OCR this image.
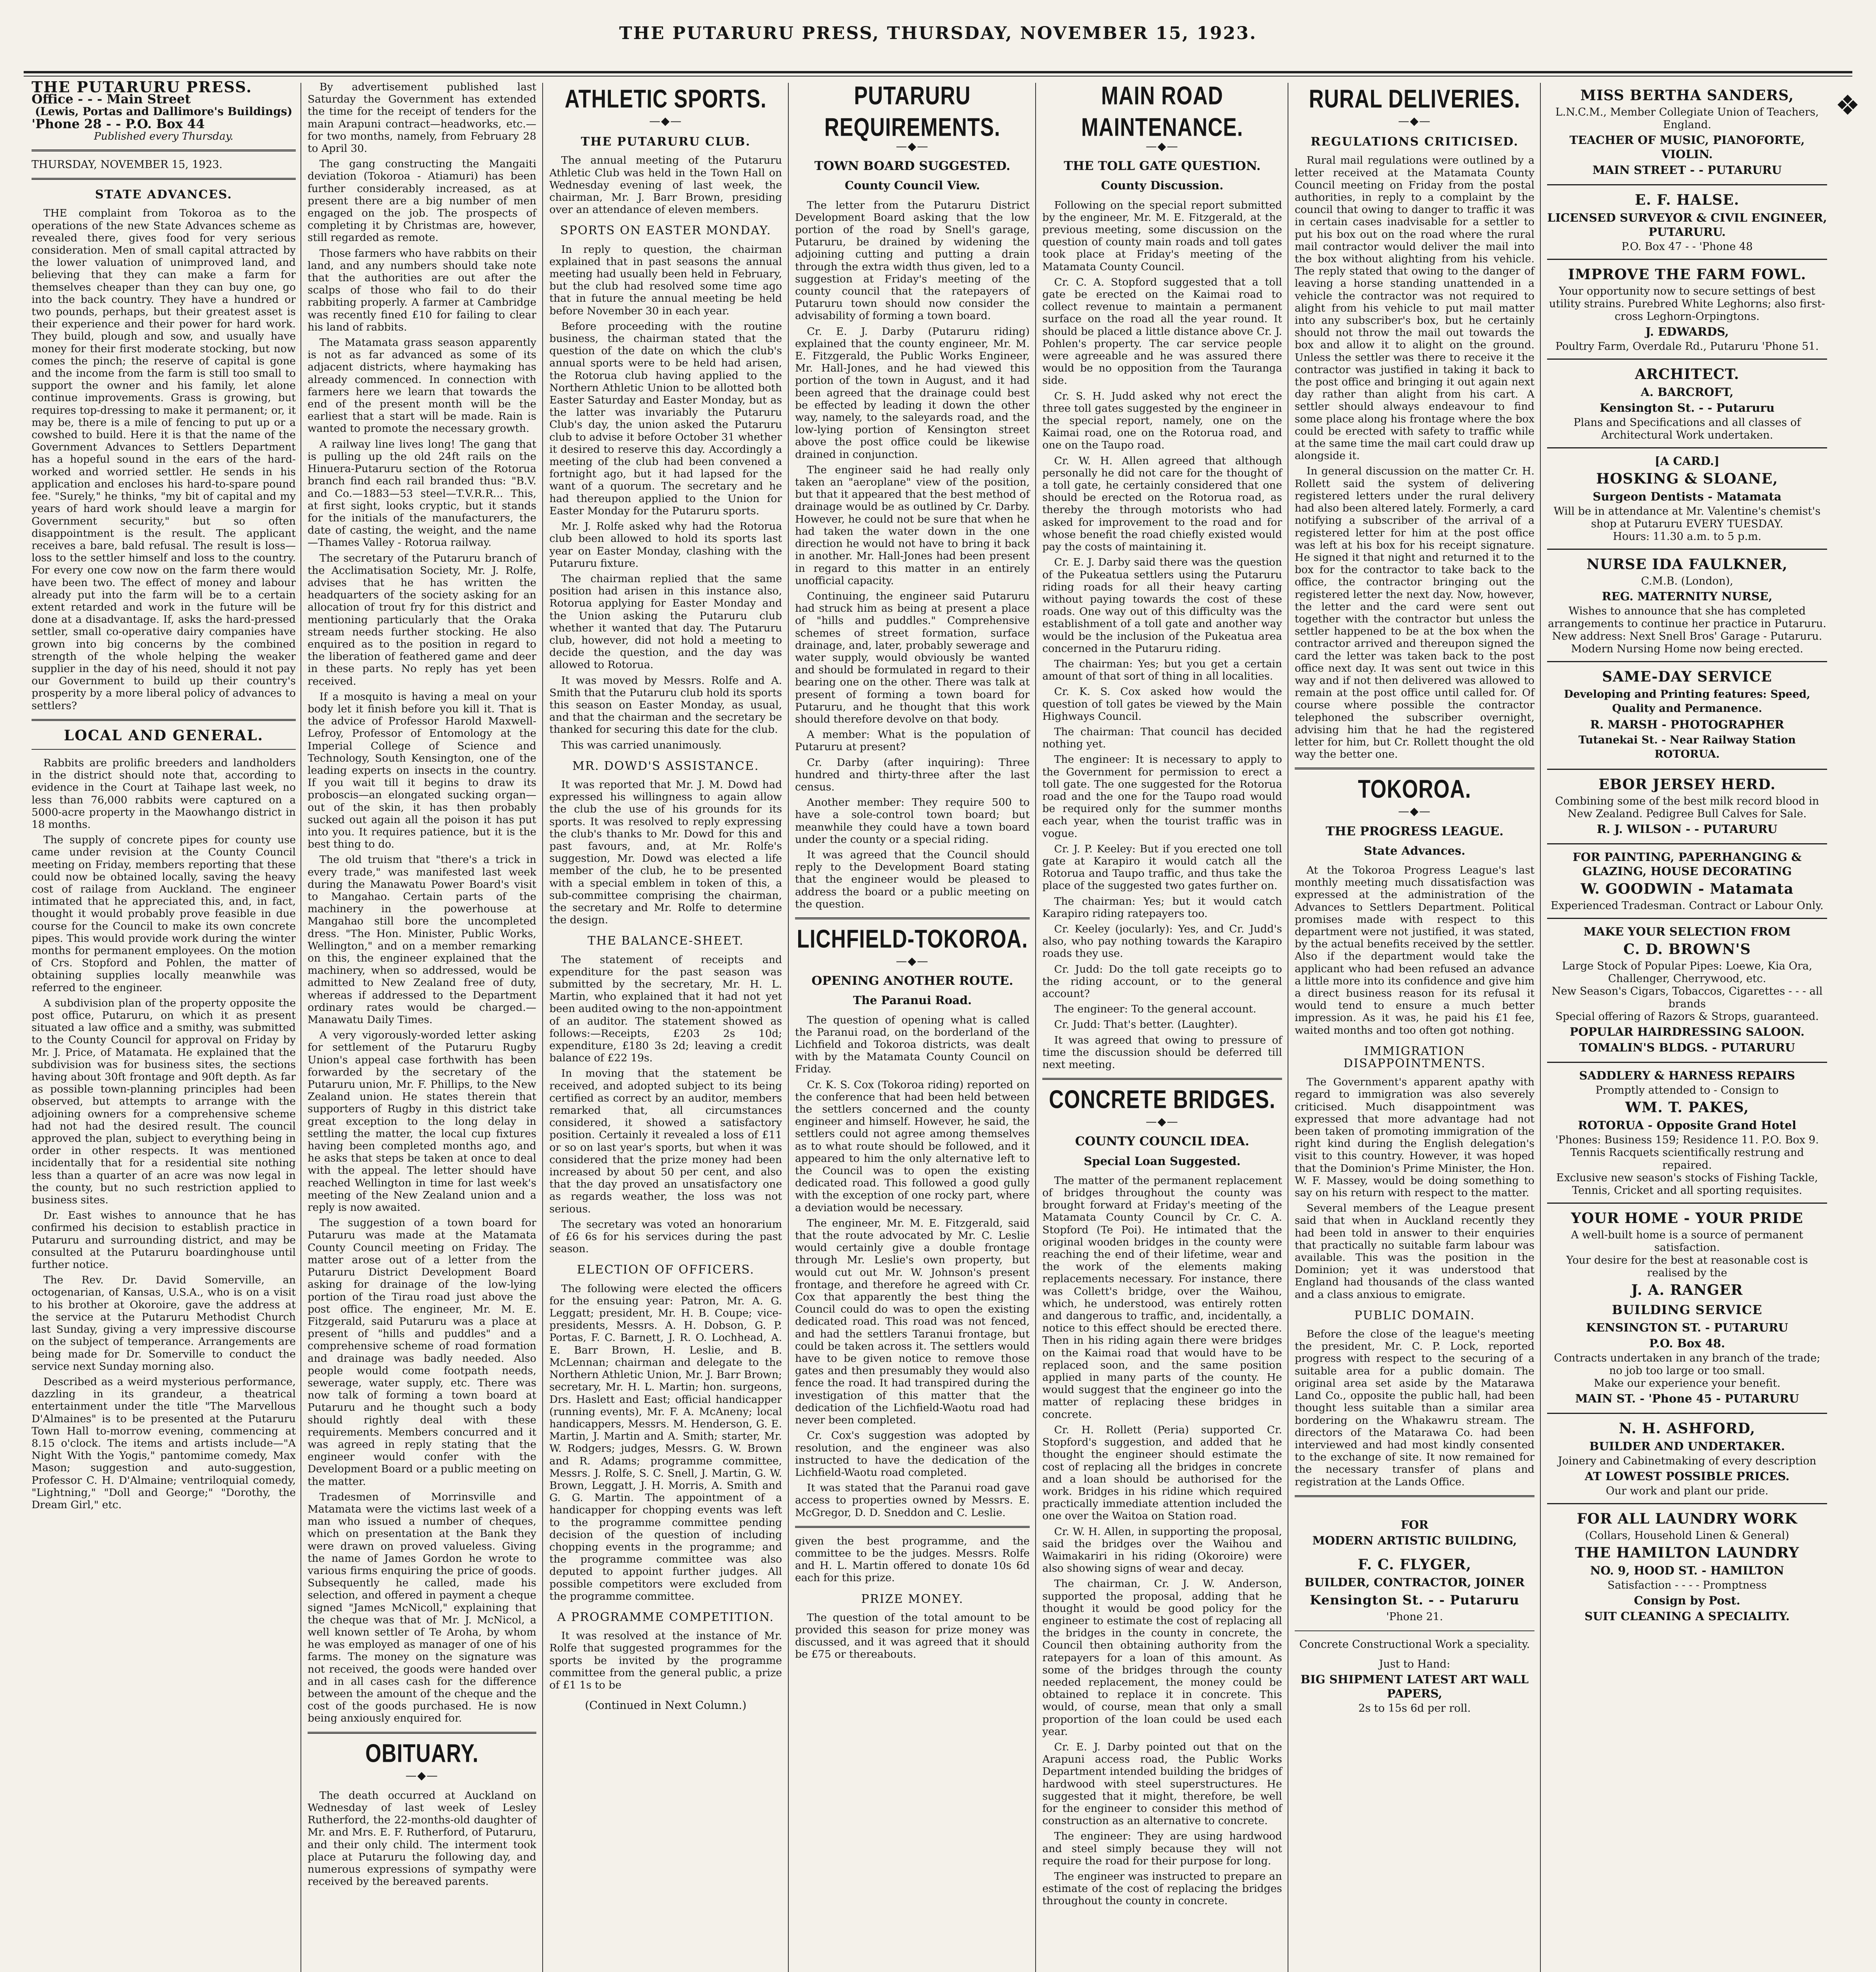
THE PUTARURU PRESS, THURSDAY, NOVEMBER 15, 1923.
❖
THE PUTARURU PRESS.
Office - - - Main Street
(Lewis, Portas and Dallimore's Buildings)
'Phone 28 - - P.O. Box 44
Published every Thursday.
THURSDAY, NOVEMBER 15, 1923.
STATE ADVANCES.

THE complaint from Tokoroa as to the operations of the new State Advances scheme as revealed there, gives food for very serious consideration. Men of small capital attracted by the lower valuation of unimproved land, and believing that they can make a farm for themselves cheaper than they can buy one, go into the back country. They have a hundred or two pounds, perhaps, but their greatest asset is their experience and their power for hard work. They build, plough and sow, and usually have money for their first moderate stocking, but now comes the pinch; the reserve of capital is gone and the income from the farm is still too small to support the owner and his family, let alone continue improvements. Grass is growing, but requires top-dressing to make it permanent; or, it may be, there is a mile of fencing to put up or a cowshed to build. Here it is that the name of the Government Advances to Settlers Department has a hopeful sound in the ears of the hard-worked and worried settler. He sends in his application and encloses his hard-to-spare pound fee. "Surely," he thinks, "my bit of capital and my years of hard work should leave a margin for Government security," but so often disappointment is the result. The applicant receives a bare, bald refusal. The result is loss—loss to the settler himself and loss to the country. For every one cow now on the farm there would have been two. The effect of money and labour already put into the farm will be to a certain extent retarded and work in the future will be done at a disadvantage. If, asks the hard-pressed settler, small co-operative dairy companies have grown into big concerns by the combined strength of the whole helping the weaker supplier in the day of his need, should it not pay our Government to build up their country's prosperity by a more liberal policy of advances to settlers?

LOCAL AND GENERAL.

Rabbits are prolific breeders and landholders in the district should note that, according to evidence in the Court at Taihape last week, no less than 76,000 rabbits were captured on a 5000-acre property in the Maowhango district in 18 months.

The supply of concrete pipes for county use came under revision at the County Council meeting on Friday, members reporting that these could now be obtained locally, saving the heavy cost of railage from Auckland. The engineer intimated that he appreciated this, and, in fact, thought it would probably prove feasible in due course for the Council to make its own concrete pipes. This would provide work during the winter months for permanent employees. On the motion of Crs. Stopford and Pohlen, the matter of obtaining supplies locally meanwhile was referred to the engineer.

A subdivision plan of the property opposite the post office, Putaruru, on which it as present situated a law office and a smithy, was submitted to the County Council for approval on Friday by Mr. J. Price, of Matamata. He explained that the subdivision was for business sites, the sections having about 30ft frontage and 90ft depth. As far as possible town-planning principles had been observed, but attempts to arrange with the adjoining owners for a comprehensive scheme had not had the desired result. The council approved the plan, subject to everything being in order in other respects. It was mentioned incidentally that for a residential site nothing less than a quarter of an acre was now legal in the county, but no such restriction applied to business sites.

Dr. East wishes to announce that he has confirmed his decision to establish practice in Putaruru and surrounding district, and may be consulted at the Putaruru boardinghouse until further notice.

The Rev. Dr. David Somerville, an octogenarian, of Kansas, U.S.A., who is on a visit to his brother at Okoroire, gave the address at the service at the Putaruru Methodist Church last Sunday, giving a very impressive discourse on the subject of temperance. Arrangements are being made for Dr. Somerville to conduct the service next Sunday morning also.

Described as a weird mysterious performance, dazzling in its grandeur, a theatrical entertainment under the title "The Marvellous D'Almaines" is to be presented at the Putaruru Town Hall to-morrow evening, commencing at 8.15 o'clock. The items and artists include—"A Night With the Yogis," pantomime comedy, Max Mason; suggestion and auto-suggestion, Professor C. H. D'Almaine; ventriloquial comedy, "Lightning," "Doll and George;" "Dorothy, the Dream Girl," etc.

By advertisement published last Saturday the Government has extended the time for the receipt of tenders for the main Arapuni contract—headworks, etc.—for two months, namely, from February 28 to April 30.

The gang constructing the Mangaiti deviation (Tokoroa - Atiamuri) has been further considerably increased, as at present there are a big number of men engaged on the job. The prospects of completing it by Christmas are, however, still regarded as remote.

Those farmers who have rabbits on their land, and any numbers should take note that the authorities are out after the scalps of those who fail to do their rabbiting properly. A farmer at Cambridge was recently fined £10 for failing to clear his land of rabbits.

The Matamata grass season apparently is not as far advanced as some of its adjacent districts, where haymaking has already commenced. In connection with farmers here we learn that towards the end of the present month will be the earliest that a start will be made. Rain is wanted to promote the necessary growth.

A railway line lives long! The gang that is pulling up the old 24ft rails on the Hinuera-Putaruru section of the Rotorua branch find each rail branded thus: "B.V. and Co.—1883—53 steel—T.V.R.R... This, at first sight, looks cryptic, but it stands for the initials of the manufacturers, the date of casting, the weight, and the name—Thames Valley - Rotorua railway.

The secretary of the Putaruru branch of the Acclimatisation Society, Mr. J. Rolfe, advises that he has written the headquarters of the society asking for an allocation of trout fry for this district and mentioning particularly that the Oraka stream needs further stocking. He also enquired as to the position in regard to the liberation of feathered game and deer in these parts. No reply has yet been received.

If a mosquito is having a meal on your body let it finish before you kill it. That is the advice of Professor Harold Maxwell-Lefroy, Professor of Entomology at the Imperial College of Science and Technology, South Kensington, one of the leading experts on insects in the country. If you wait till it begins to draw its proboscis—an elongated sucking organ—out of the skin, it has then probably sucked out again all the poison it has put into you. It requires patience, but it is the best thing to do.

The old truism that "there's a trick in every trade," was manifested last week during the Manawatu Power Board's visit to Mangahao. Certain parts of the machinery in the powerhouse at Mangahao still bore the uncompleted dress. "The Hon. Minister, Public Works, Wellington," and on a member remarking on this, the engineer explained that the machinery, when so addressed, would be admitted to New Zealand free of duty, whereas if addressed to the Department ordinary rates would be charged.—Manawatu Daily Times.

A very vigorously-worded letter asking for settlement of the Putaruru Rugby Union's appeal case forthwith has been forwarded by the secretary of the Putaruru union, Mr. F. Phillips, to the New Zealand union. He states therein that supporters of Rugby in this district take great exception to the long delay in settling the matter, the local cup fixtures having been completed months ago, and he asks that steps be taken at once to deal with the appeal. The letter should have reached Wellington in time for last week's meeting of the New Zealand union and a reply is now awaited.

The suggestion of a town board for Putaruru was made at the Matamata County Council meeting on Friday. The matter arose out of a letter from the Putaruru District Development Board asking for drainage of the low-lying portion of the Tirau road just above the post office. The engineer, Mr. M. E. Fitzgerald, said Putaruru was a place at present of "hills and puddles" and a comprehensive scheme of road formation and drainage was badly needed. Also people would come footpath needs, sewerage, water supply, etc. There was now talk of forming a town board at Putaruru and he thought such a body should rightly deal with these requirements. Members concurred and it was agreed in reply stating that the engineer would confer with the Development Board or a public meeting on the matter.

Tradesmen of Morrinsville and Matamata were the victims last week of a man who issued a number of cheques, which on presentation at the Bank they were drawn on proved valueless. Giving the name of James Gordon he wrote to various firms enquiring the price of goods. Subsequently he called, made his selection, and offered in payment a cheque signed "James McNicoll," explaining that the cheque was that of Mr. J. McNicol, a well known settler of Te Aroha, by whom he was employed as manager of one of his farms. The money on the signature was not received, the goods were handed over and in all cases cash for the difference between the amount of the cheque and the cost of the goods purchased. He is now being anxiously enquired for.

OBITUARY.
—◆—

The death occurred at Auckland on Wednesday of last week of Lesley Rutherford, the 22-months-old daughter of Mr. and Mrs. E. F. Rutherford, of Putaruru, and their only child. The interment took place at Putaruru the following day, and numerous expressions of sympathy were received by the bereaved parents.

ATHLETIC SPORTS.
—◆—
THE PUTARURU CLUB.

The annual meeting of the Putaruru Athletic Club was held in the Town Hall on Wednesday evening of last week, the chairman, Mr. J. Barr Brown, presiding over an attendance of eleven members.

SPORTS ON EASTER MONDAY.

In reply to question, the chairman explained that in past seasons the annual meeting had usually been held in February, but the club had resolved some time ago that in future the annual meeting be held before November 30 in each year.

Before proceeding with the routine business, the chairman stated that the question of the date on which the club's annual sports were to be held had arisen, the Rotorua club having applied to the Northern Athletic Union to be allotted both Easter Saturday and Easter Monday, but as the latter was invariably the Putaruru Club's day, the union asked the Putaruru club to advise it before October 31 whether it desired to reserve this day. Accordingly a meeting of the club had been convened a fortnight ago, but it had lapsed for the want of a quorum. The secretary and he had thereupon applied to the Union for Easter Monday for the Putaruru sports.

Mr. J. Rolfe asked why had the Rotorua club been allowed to hold its sports last year on Easter Monday, clashing with the Putaruru fixture.

The chairman replied that the same position had arisen in this instance also, Rotorua applying for Easter Monday and the Union asking the Putaruru club whether it wanted that day. The Putaruru club, however, did not hold a meeting to decide the question, and the day was allowed to Rotorua.

It was moved by Messrs. Rolfe and A. Smith that the Putaruru club hold its sports this season on Easter Monday, as usual, and that the chairman and the secretary be thanked for securing this date for the club.

This was carried unanimously.

MR. DOWD'S ASSISTANCE.

It was reported that Mr. J. M. Dowd had expressed his willingness to again allow the club the use of his grounds for its sports. It was resolved to reply expressing the club's thanks to Mr. Dowd for this and past favours, and, at Mr. Rolfe's suggestion, Mr. Dowd was elected a life member of the club, he to be presented with a special emblem in token of this, a sub-committee comprising the chairman, the secretary and Mr. Rolfe to determine the design.

THE BALANCE-SHEET.

The statement of receipts and expenditure for the past season was submitted by the secretary, Mr. H. L. Martin, who explained that it had not yet been audited owing to the non-appointment of an auditor. The statement showed as follows:—Receipts, £203 2s 10d; expenditure, £180 3s 2d; leaving a credit balance of £22 19s.

In moving that the statement be received, and adopted subject to its being certified as correct by an auditor, members remarked that, all circumstances considered, it showed a satisfactory position. Certainly it revealed a loss of £11 or so on last year's sports, but when it was considered that the prize money had been increased by about 50 per cent, and also that the day proved an unsatisfactory one as regards weather, the loss was not serious.

The secretary was voted an honorarium of £6 6s for his services during the past season.

ELECTION OF OFFICERS.

The following were elected the officers for the ensuing year: Patron, Mr. A. G. Leggatt; president, Mr. H. B. Coupe; vice-presidents, Messrs. A. H. Dobson, G. P. Portas, F. C. Barnett, J. R. O. Lochhead, A. E. Barr Brown, H. Leslie, and B. McLennan; chairman and delegate to the Northern Athletic Union, Mr. J. Barr Brown; secretary, Mr. H. L. Martin; hon. surgeons, Drs. Haslett and East; official handicapper (running events), Mr. F. A. McAneny; local handicappers, Messrs. M. Henderson, G. E. Martin, J. Martin and A. Smith; starter, Mr. W. Rodgers; judges, Messrs. G. W. Brown and R. Adams; programme committee, Messrs. J. Rolfe, S. C. Snell, J. Martin, G. W. Brown, Leggatt, J. H. Morris, A. Smith and G. G. Martin. The appointment of a handicapper for chopping events was left to the programme committee pending decision of the question of including chopping events in the programme; and the programme committee was also deputed to appoint further judges. All possible competitors were excluded from the programme committee.

A PROGRAMME COMPETITION.

It was resolved at the instance of Mr. Rolfe that suggested programmes for the sports be invited by the programme committee from the general public, a prize of £1 1s to be

(Continued in Next Column.)
PUTARURU REQUIREMENTS.
—◆—
TOWN BOARD SUGGESTED.
County Council View.

The letter from the Putaruru District Development Board asking that the low portion of the road by Snell's garage, Putaruru, be drained by widening the adjoining cutting and putting a drain through the extra width thus given, led to a suggestion at Friday's meeting of the county council that the ratepayers of Putaruru town should now consider the advisability of forming a town board.

Cr. E. J. Darby (Putaruru riding) explained that the county engineer, Mr. M. E. Fitzgerald, the Public Works Engineer, Mr. Hall-Jones, and he had viewed this portion of the town in August, and it had been agreed that the drainage could best be effected by leading it down the other way, namely, to the saleyards road, and the low-lying portion of Kensington street above the post office could be likewise drained in conjunction.

The engineer said he had really only taken an "aeroplane" view of the position, but that it appeared that the best method of drainage would be as outlined by Cr. Darby. However, he could not be sure that when he had taken the water down in the one direction he would not have to bring it back in another. Mr. Hall-Jones had been present in regard to this matter in an entirely unofficial capacity.

Continuing, the engineer said Putaruru had struck him as being at present a place of "hills and puddles." Comprehensive schemes of street formation, surface drainage, and, later, probably sewerage and water supply, would obviously be wanted and should be formulated in regard to their bearing one on the other. There was talk at present of forming a town board for Putaruru, and he thought that this work should therefore devolve on that body.

A member: What is the population of Putaruru at present?

Cr. Darby (after inquiring): Three hundred and thirty-three after the last census.

Another member: They require 500 to have a sole-control town board; but meanwhile they could have a town board under the county or a special riding.

It was agreed that the Council should reply to the Development Board stating that the engineer would be pleased to address the board or a public meeting on the question.

LICHFIELD-TOKOROA.
—◆—
OPENING ANOTHER ROUTE.
The Paranui Road.

The question of opening what is called the Paranui road, on the borderland of the Lichfield and Tokoroa districts, was dealt with by the Matamata County Council on Friday.

Cr. K. S. Cox (Tokoroa riding) reported on the conference that had been held between the settlers concerned and the county engineer and himself. However, he said, the settlers could not agree among themselves as to what route should be followed, and it appeared to him the only alternative left to the Council was to open the existing dedicated road. This followed a good gully with the exception of one rocky part, where a deviation would be necessary.

The engineer, Mr. M. E. Fitzgerald, said that the route advocated by Mr. C. Leslie would certainly give a double frontage through Mr. Leslie's own property, but would cut out Mr. W. Johnson's present frontage, and therefore he agreed with Cr. Cox that apparently the best thing the Council could do was to open the existing dedicated road. This road was not fenced, and had the settlers Taranui frontage, but could be taken across it. The settlers would have to be given notice to remove those gates and then presumably they would also fence the road. It had transpired during the investigation of this matter that the dedication of the Lichfield-Waotu road had never been completed.

Cr. Cox's suggestion was adopted by resolution, and the engineer was also instructed to have the dedication of the Lichfield-Waotu road completed.

It was stated that the Paranui road gave access to properties owned by Messrs. E. McGregor, D. D. Sneddon and C. Leslie.

given the best programme, and the committee to be the judges. Messrs. Rolfe and H. L. Martin offered to donate 10s 6d each for this prize.

PRIZE MONEY.

The question of the total amount to be provided this season for prize money was discussed, and it was agreed that it should be £75 or thereabouts.

MAIN ROAD MAINTENANCE.
—◆—
THE TOLL GATE QUESTION.
County Discussion.

Following on the special report submitted by the engineer, Mr. M. E. Fitzgerald, at the previous meeting, some discussion on the question of county main roads and toll gates took place at Friday's meeting of the Matamata County Council.

Cr. C. A. Stopford suggested that a toll gate be erected on the Kaimai road to collect revenue to maintain a permanent surface on the road all the year round. It should be placed a little distance above Cr. J. Pohlen's property. The car service people were agreeable and he was assured there would be no opposition from the Tauranga side.

Cr. S. H. Judd asked why not erect the three toll gates suggested by the engineer in the special report, namely, one on the Kaimai road, one on the Rotorua road, and one on the Taupo road.

Cr. W. H. Allen agreed that although personally he did not care for the thought of a toll gate, he certainly considered that one should be erected on the Rotorua road, as thereby the through motorists who had asked for improvement to the road and for whose benefit the road chiefly existed would pay the costs of maintaining it.

Cr. E. J. Darby said there was the question of the Pukeatua settlers using the Putaruru riding roads for all their heavy carting without paying towards the cost of these roads. One way out of this difficulty was the establishment of a toll gate and another way would be the inclusion of the Pukeatua area concerned in the Putaruru riding.

The chairman: Yes; but you get a certain amount of that sort of thing in all localities.

Cr. K. S. Cox asked how would the question of toll gates be viewed by the Main Highways Council.

The chairman: That council has decided nothing yet.

The engineer: It is necessary to apply to the Government for permission to erect a toll gate. The one suggested for the Rotorua road and the one for the Taupo road would be required only for the summer months each year, when the tourist traffic was in vogue.

Cr. J. P. Keeley: But if you erected one toll gate at Karapiro it would catch all the Rotorua and Taupo traffic, and thus take the place of the suggested two gates further on.

The chairman: Yes; but it would catch Karapiro riding ratepayers too.

Cr. Keeley (jocularly): Yes, and Cr. Judd's also, who pay nothing towards the Karapiro roads they use.

Cr. Judd: Do the toll gate receipts go to the riding account, or to the general account?

The engineer: To the general account.

Cr. Judd: That's better. (Laughter).

It was agreed that owing to pressure of time the discussion should be deferred till next meeting.

CONCRETE BRIDGES.
—◆—
COUNTY COUNCIL IDEA.
Special Loan Suggested.

The matter of the permanent replacement of bridges throughout the county was brought forward at Friday's meeting of the Matamata County Council by Cr. C. A. Stopford (Te Poi). He intimated that the original wooden bridges in the county were reaching the end of their lifetime, wear and the work of the elements making replacements necessary. For instance, there was Collett's bridge, over the Waihou, which, he understood, was entirely rotten and dangerous to traffic, and, incidentally, a notice to this effect should be erected there. Then in his riding again there were bridges on the Kaimai road that would have to be replaced soon, and the same position applied in many parts of the county. He would suggest that the engineer go into the matter of replacing these bridges in concrete.

Cr. H. Rollett (Peria) supported Cr. Stopford's suggestion, and added that he thought the engineer should estimate the cost of replacing all the bridges in concrete and a loan should be authorised for the work. Bridges in his ridine which required practically immediate attention included the one over the Waitoa on Station road.

Cr. W. H. Allen, in supporting the proposal, said the bridges over the Waihou and Waimakariri in his riding (Okoroire) were also showing signs of wear and decay.

The chairman, Cr. J. W. Anderson, supported the proposal, adding that he thought it would be good policy for the engineer to estimate the cost of replacing all the bridges in the county in concrete, the Council then obtaining authority from the ratepayers for a loan of this amount. As some of the bridges through the county needed replacement, the money could be obtained to replace it in concrete. This would, of course, mean that only a small proportion of the loan could be used each year.

Cr. E. J. Darby pointed out that on the Arapuni access road, the Public Works Department intended building the bridges of hardwood with steel superstructures. He suggested that it might, therefore, be well for the engineer to consider this method of construction as an alternative to concrete.

The engineer: They are using hardwood and steel simply because they will not require the road for their purpose for long.

The engineer was instructed to prepare an estimate of the cost of replacing the bridges throughout the county in concrete.

RURAL DELIVERIES.
—◆—
REGULATIONS CRITICISED.

Rural mail regulations were outlined by a letter received at the Matamata County Council meeting on Friday from the postal authorities, in reply to a complaint by the council that owing to danger to traffic it was in certain cases inadvisable for a settler to put his box out on the road where the rural mail contractor would deliver the mail into the box without alighting from his vehicle. The reply stated that owing to the danger of leaving a horse standing unattended in a vehicle the contractor was not required to alight from his vehicle to put mail matter into any subscriber's box, but he certainly should not throw the mail out towards the box and allow it to alight on the ground. Unless the settler was there to receive it the contractor was justified in taking it back to the post office and bringing it out again next day rather than alight from his cart. A settler should always endeavour to find some place along his frontage where the box could be erected with safety to traffic while at the same time the mail cart could draw up alongside it.

In general discussion on the matter Cr. H. Rollett said the system of delivering registered letters under the rural delivery had also been altered lately. Formerly, a card notifying a subscriber of the arrival of a registered letter for him at the post office was left at his box for his receipt signature. He signed it that night and returned it to the box for the contractor to take back to the office, the contractor bringing out the registered letter the next day. Now, however, the letter and the card were sent out together with the contractor but unless the settler happened to be at the box when the contractor arrived and thereupon signed the card the letter was taken back to the post office next day. It was sent out twice in this way and if not then delivered was allowed to remain at the post office until called for. Of course where possible the contractor telephoned the subscriber overnight, advising him that he had the registered letter for him, but Cr. Rollett thought the old way the better one.

TOKOROA.
—◆—
THE PROGRESS LEAGUE.
State Advances.

At the Tokoroa Progress League's last monthly meeting much dissatisfaction was expressed at the administration of the Advances to Settlers Department. Political promises made with respect to this department were not justified, it was stated, by the actual benefits received by the settler. Also if the department would take the applicant who had been refused an advance a little more into its confidence and give him a direct business reason for its refusal it would tend to ensure a much better impression. As it was, he paid his £1 fee, waited months and too often got nothing.

IMMIGRATION DISAPPOINTMENTS.

The Government's apparent apathy with regard to immigration was also severely criticised. Much disappointment was expressed that more advantage had not been taken of promoting immigration of the right kind during the English delegation's visit to this country. However, it was hoped that the Dominion's Prime Minister, the Hon. W. F. Massey, would be doing something to say on his return with respect to the matter.

Several members of the League present said that when in Auckland recently they had been told in answer to their enquiries that practically no suitable farm labour was available. This was the position in the Dominion; yet it was understood that England had thousands of the class wanted and a class anxious to emigrate.

PUBLIC DOMAIN.

Before the close of the league's meeting the president, Mr. C. P. Lock, reported progress with respect to the securing of a suitable area for a public domain. The original area set aside by the Matarawa Land Co., opposite the public hall, had been thought less suitable than a similar area bordering on the Whakawru stream. The directors of the Matarawa Co. had been interviewed and had most kindly consented to the exchange of site. It now remained for the necessary transfer of plans and registration at the Lands Office.

FOR
MODERN ARTISTIC BUILDING,
F. C. FLYGER,
BUILDER, CONTRACTOR, JOINER
Kensington St. - - Putaruru
'Phone 21.
Concrete Constructional Work a speciality.
Just to Hand:
BIG SHIPMENT LATEST ART WALL PAPERS,
2s to 15s 6d per roll.
MISS BERTHA SANDERS,
L.N.C.M., Member Collegiate Union of Teachers, England.
TEACHER OF MUSIC, PIANOFORTE, VIOLIN.
MAIN STREET - - PUTARURU
E. F. HALSE.
LICENSED SURVEYOR & CIVIL ENGINEER, PUTARURU.
P.O. Box 47 - - 'Phone 48
IMPROVE THE FARM FOWL.
Your opportunity now to secure settings of best utility strains. Purebred White Leghorns; also first-cross Leghorn-Orpingtons.
J. EDWARDS,
Poultry Farm, Overdale Rd., Putaruru 'Phone 51.
ARCHITECT.
A. BARCROFT,
Kensington St. - - Putaruru
Plans and Specifications and all classes of Architectural Work undertaken.
[A CARD.]
HOSKING & SLOANE,
Surgeon Dentists - Matamata
Will be in attendance at Mr. Valentine's chemist's shop at Putaruru EVERY TUESDAY.
Hours: 11.30 a.m. to 5 p.m.
NURSE IDA FAULKNER,
C.M.B. (London),
REG. MATERNITY NURSE,
Wishes to announce that she has completed arrangements to continue her practice in Putaruru. New address: Next Snell Bros' Garage - Putaruru. Modern Nursing Home now being erected.
SAME-DAY SERVICE
Developing and Printing features: Speed, Quality and Permanence.
R. MARSH - PHOTOGRAPHER
Tutanekai St. - Near Railway Station ROTORUA.
EBOR JERSEY HERD.
Combining some of the best milk record blood in New Zealand. Pedigree Bull Calves for Sale.
R. J. WILSON - - PUTARURU
FOR PAINTING, PAPERHANGING & GLAZING, HOUSE DECORATING
W. GOODWIN - Matamata
Experienced Tradesman. Contract or Labour Only.
MAKE YOUR SELECTION FROM
C. D. BROWN'S
Large Stock of Popular Pipes: Loewe, Kia Ora, Challenger, Cherrywood, etc.
New Season's Cigars, Tobaccos, Cigarettes - - - all brands
Special offering of Razors & Strops, guaranteed.
POPULAR HAIRDRESSING SALOON.
TOMALIN'S BLDGS. - PUTARURU
SADDLERY & HARNESS REPAIRS
Promptly attended to - Consign to
WM. T. PAKES,
ROTORUA - Opposite Grand Hotel
'Phones: Business 159; Residence 11. P.O. Box 9.
Tennis Racquets scientifically restrung and repaired.
Exclusive new season's stocks of Fishing Tackle, Tennis, Cricket and all sporting requisites.
YOUR HOME - YOUR PRIDE
A well-built home is a source of permanent satisfaction.
Your desire for the best at reasonable cost is realised by the
J. A. RANGER
BUILDING SERVICE
KENSINGTON ST. - PUTARURU
P.O. Box 48.
Contracts undertaken in any branch of the trade; no job too large or too small.
Make our experience your benefit.
MAIN ST. - 'Phone 45 - PUTARURU
N. H. ASHFORD,
BUILDER AND UNDERTAKER.
Joinery and Cabinetmaking of every description
AT LOWEST POSSIBLE PRICES.
Our work and plant our pride.
FOR ALL LAUNDRY WORK
(Collars, Household Linen & General)
THE HAMILTON LAUNDRY
NO. 9, HOOD ST. - HAMILTON
Satisfaction - - - - Promptness
Consign by Post.
SUIT CLEANING A SPECIALITY.
